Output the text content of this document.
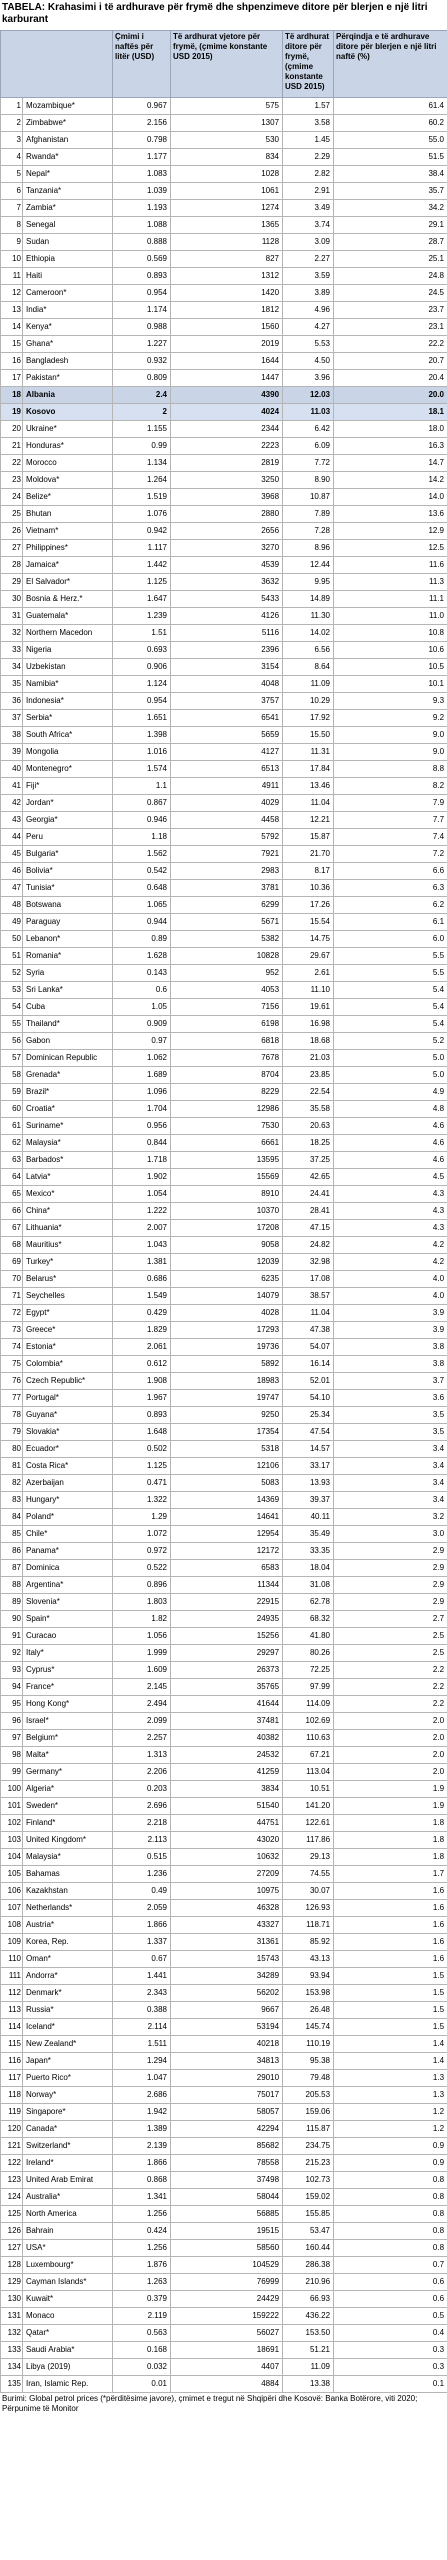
TABELA: Krahasimi i të ardhurave për frymë dhe shpenzimeve ditore për blerjen e një litri karburant
		Çmimi i naftës për litër (USD)	Të ardhurat vjetore për frymë, (çmime konstante USD 2015)	Të ardhurat ditore për frymë, (çmime konstante USD 2015)	Përqindja e të ardhurave ditore për blerjen e një litri naftë (%)
1	Mozambique*	0.967	575	1.57	61.4
2	Zimbabwe*	2.156	1307	3.58	60.2
3	Afghanistan	0.798	530	1.45	55.0
4	Rwanda*	1.177	834	2.29	51.5
5	Nepal*	1.083	1028	2.82	38.4
6	Tanzania*	1.039	1061	2.91	35.7
7	Zambia*	1.193	1274	3.49	34.2
8	Senegal	1.088	1365	3.74	29.1
9	Sudan	0.888	1128	3.09	28.7
10	Ethiopia	0.569	827	2.27	25.1
11	Haiti	0.893	1312	3.59	24.8
12	Cameroon*	0.954	1420	3.89	24.5
13	India*	1.174	1812	4.96	23.7
14	Kenya*	0.988	1560	4.27	23.1
15	Ghana*	1.227	2019	5.53	22.2
16	Bangladesh	0.932	1644	4.50	20.7
17	Pakistan*	0.809	1447	3.96	20.4
18	Albania	2.4	4390	12.03	20.0
19	Kosovo	2	4024	11.03	18.1
20	Ukraine*	1.155	2344	6.42	18.0
21	Honduras*	0.99	2223	6.09	16.3
22	Morocco	1.134	2819	7.72	14.7
23	Moldova*	1.264	3250	8.90	14.2
24	Belize*	1.519	3968	10.87	14.0
25	Bhutan	1.076	2880	7.89	13.6
26	Vietnam*	0.942	2656	7.28	12.9
27	Philippines*	1.117	3270	8.96	12.5
28	Jamaica*	1.442	4539	12.44	11.6
29	El Salvador*	1.125	3632	9.95	11.3
30	Bosnia & Herz.*	1.647	5433	14.89	11.1
31	Guatemala*	1.239	4126	11.30	11.0
32	Northern Macedon	1.51	5116	14.02	10.8
33	Nigeria	0.693	2396	6.56	10.6
34	Uzbekistan	0.906	3154	8.64	10.5
35	Namibia*	1.124	4048	11.09	10.1
36	Indonesia*	0.954	3757	10.29	9.3
37	Serbia*	1.651	6541	17.92	9.2
38	South Africa*	1.398	5659	15.50	9.0
39	Mongolia	1.016	4127	11.31	9.0
40	Montenegro*	1.574	6513	17.84	8.8
41	Fiji*	1.1	4911	13.46	8.2
42	Jordan*	0.867	4029	11.04	7.9
43	Georgia*	0.946	4458	12.21	7.7
44	Peru	1.18	5792	15.87	7.4
45	Bulgaria*	1.562	7921	21.70	7.2
46	Bolivia*	0.542	2983	8.17	6.6
47	Tunisia*	0.648	3781	10.36	6.3
48	Botswana	1.065	6299	17.26	6.2
49	Paraguay	0.944	5671	15.54	6.1
50	Lebanon*	0.89	5382	14.75	6.0
51	Romania*	1.628	10828	29.67	5.5
52	Syria	0.143	952	2.61	5.5
53	Sri Lanka*	0.6	4053	11.10	5.4
54	Cuba	1.05	7156	19.61	5.4
55	Thailand*	0.909	6198	16.98	5.4
56	Gabon	0.97	6818	18.68	5.2
57	Dominican Republic	1.062	7678	21.03	5.0
58	Grenada*	1.689	8704	23.85	5.0
59	Brazil*	1.096	8229	22.54	4.9
60	Croatia*	1.704	12986	35.58	4.8
61	Suriname*	0.956	7530	20.63	4.6
62	Malaysia*	0.844	6661	18.25	4.6
63	Barbados*	1.718	13595	37.25	4.6
64	Latvia*	1.902	15569	42.65	4.5
65	Mexico*	1.054	8910	24.41	4.3
66	China*	1.222	10370	28.41	4.3
67	Lithuania*	2.007	17208	47.15	4.3
68	Mauritius*	1.043	9058	24.82	4.2
69	Turkey*	1.381	12039	32.98	4.2
70	Belarus*	0.686	6235	17.08	4.0
71	Seychelles	1.549	14079	38.57	4.0
72	Egypt*	0.429	4028	11.04	3.9
73	Greece*	1.829	17293	47.38	3.9
74	Estonia*	2.061	19736	54.07	3.8
75	Colombia*	0.612	5892	16.14	3.8
76	Czech Republic*	1.908	18983	52.01	3.7
77	Portugal*	1.967	19747	54.10	3.6
78	Guyana*	0.893	9250	25.34	3.5
79	Slovakia*	1.648	17354	47.54	3.5
80	Ecuador*	0.502	5318	14.57	3.4
81	Costa Rica*	1.125	12106	33.17	3.4
82	Azerbaijan	0.471	5083	13.93	3.4
83	Hungary*	1.322	14369	39.37	3.4
84	Poland*	1.29	14641	40.11	3.2
85	Chile*	1.072	12954	35.49	3.0
86	Panama*	0.972	12172	33.35	2.9
87	Dominica	0.522	6583	18.04	2.9
88	Argentina*	0.896	11344	31.08	2.9
89	Slovenia*	1.803	22915	62.78	2.9
90	Spain*	1.82	24935	68.32	2.7
91	Curacao	1.056	15256	41.80	2.5
92	Italy*	1.999	29297	80.26	2.5
93	Cyprus*	1.609	26373	72.25	2.2
94	France*	2.145	35765	97.99	2.2
95	Hong Kong*	2.494	41644	114.09	2.2
96	Israel*	2.099	37481	102.69	2.0
97	Belgium*	2.257	40382	110.63	2.0
98	Malta*	1.313	24532	67.21	2.0
99	Germany*	2.206	41259	113.04	2.0
100	Algeria*	0.203	3834	10.51	1.9
101	Sweden*	2.696	51540	141.20	1.9
102	Finland*	2.218	44751	122.61	1.8
103	United Kingdom*	2.113	43020	117.86	1.8
104	Malaysia*	0.515	10632	29.13	1.8
105	Bahamas	1.236	27209	74.55	1.7
106	Kazakhstan	0.49	10975	30.07	1.6
107	Netherlands*	2.059	46328	126.93	1.6
108	Austria*	1.866	43327	118.71	1.6
109	Korea, Rep.	1.337	31361	85.92	1.6
110	Oman*	0.67	15743	43.13	1.6
111	Andorra*	1.441	34289	93.94	1.5
112	Denmark*	2.343	56202	153.98	1.5
113	Russia*	0.388	9667	26.48	1.5
114	Iceland*	2.114	53194	145.74	1.5
115	New Zealand*	1.511	40218	110.19	1.4
116	Japan*	1.294	34813	95.38	1.4
117	Puerto Rico*	1.047	29010	79.48	1.3
118	Norway*	2.686	75017	205.53	1.3
119	Singapore*	1.942	58057	159.06	1.2
120	Canada*	1.389	42294	115.87	1.2
121	Switzerland*	2.139	85682	234.75	0.9
122	Ireland*	1.866	78558	215.23	0.9
123	United Arab Emirat	0.868	37498	102.73	0.8
124	Australia*	1.341	58044	159.02	0.8
125	North America	1.256	56885	155.85	0.8
126	Bahrain	0.424	19515	53.47	0.8
127	USA*	1.256	58560	160.44	0.8
128	Luxembourg*	1.876	104529	286.38	0.7
129	Cayman Islands*	1.263	76999	210.96	0.6
130	Kuwait*	0.379	24429	66.93	0.6
131	Monaco	2.119	159222	436.22	0.5
132	Qatar*	0.563	56027	153.50	0.4
133	Saudi Arabia*	0.168	18691	51.21	0.3
134	Libya (2019)	0.032	4407	11.09	0.3
135	Iran, Islamic Rep.	0.01	4884	13.38	0.1
Burimi: Global petrol prices (*përditësime javore), çmimet e tregut në Shqipëri dhe Kosovë: Banka Botërore, viti 2020; Përpunime të Monitor
